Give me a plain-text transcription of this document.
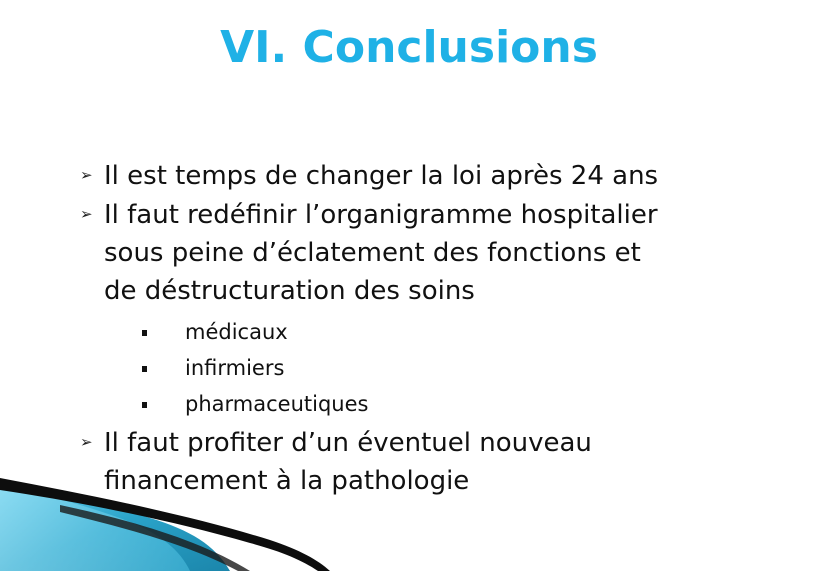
VI. Conclusions
➢ Il est temps de changer la loi après 24 ans
➢ Il faut redéfinir l’organigramme hospitalier
sous peine d’éclatement des fonctions et
de déstructuration des soins
médicaux
infirmiers
pharmaceutiques
➢ Il faut profiter d’un éventuel nouveau
financement à la pathologie
